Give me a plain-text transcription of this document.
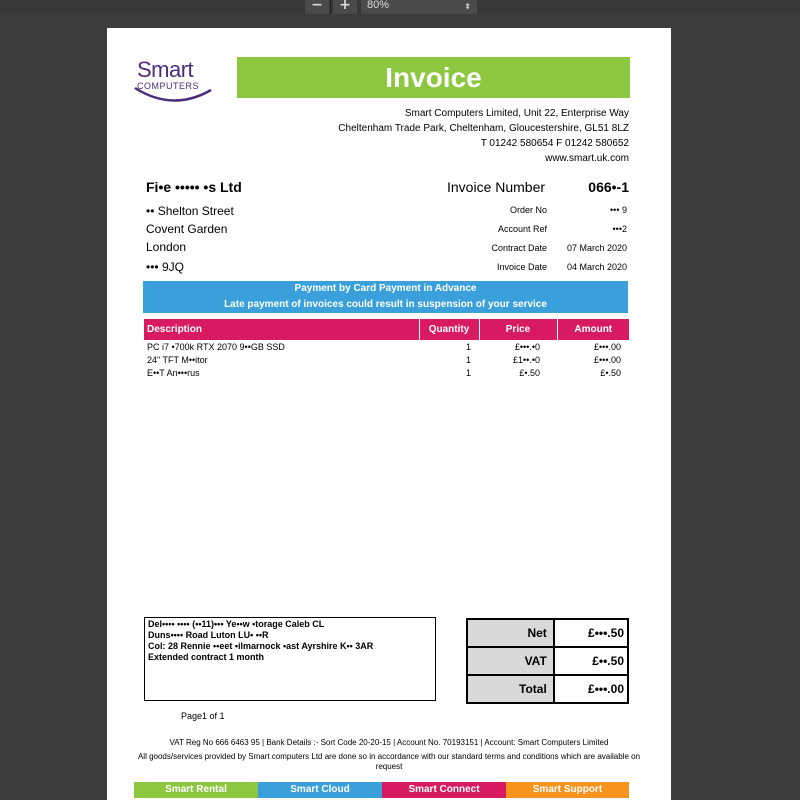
−	+	80%	⬍
Smart
COMPUTERS	Invoice
Smart Computers Limited, Unit 22, Enterprise Way
Cheltenham Trade Park, Cheltenham, Gloucestershire, GL51 8LZ
T 01242 580654 F 01242 580652
www.smart.uk.com
Fi•e ••••• •s Ltd
•• Shelton Street
Covent Garden
London
••• 9JQ
Invoice Number	066•-1
Order No	••• 9
Account Ref	•••2
Contract Date 07 March 2020
Invoice Date 04 March 2020
Payment by Card Payment in Advance
Late payment of invoices could result in suspension of your service
Description	Quantity	Price	Amount
PC i7 •700k RTX 2070 9••GB SSD	1	£•••.•0	£•••.00
24" TFT M••itor	1	£1••.•0	£•••.00
E••T An•••rus	1	£•.50	£•.50
Del•••• •••• (••11)••• Ye••w •torage Caleb CL
Duns•••• Road Luton LU• ••R
Col: 28 Rennie ••eet •ilmarnock •ast Ayrshire K•• 3AR
Extended contract 1 month
Net	£•••.50
VAT	£••.50
Total	£•••.00
Page1 of 1
VAT Reg No 666 6463 95 | Bank Details :- Sort Code 20-20-15 | Account No. 70193151 | Account: Smart Computers Limited
All goods/services provided by Smart computers Ltd are done so in accordance with our standard terms and conditions which are available on request
Smart Rental	Smart Cloud	Smart Connect	Smart Support
